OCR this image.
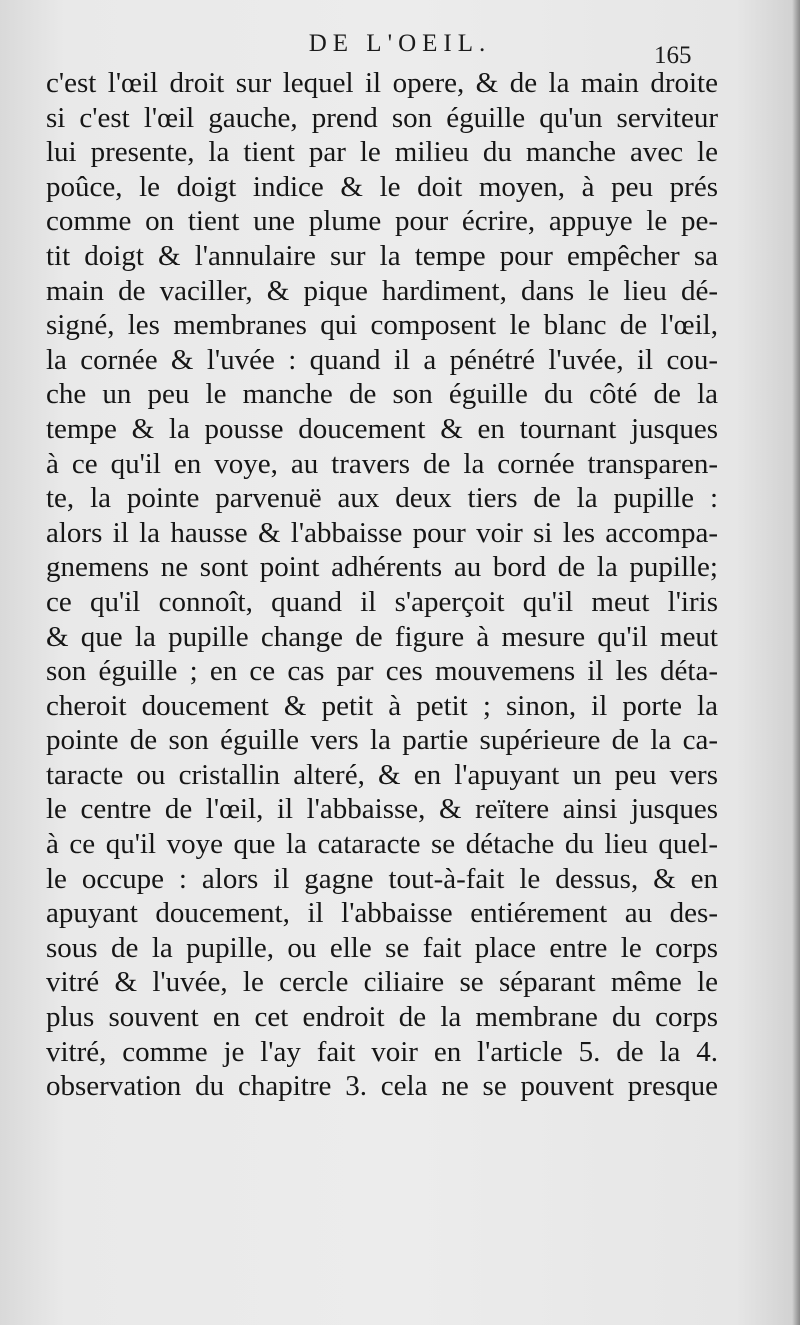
DE L'OEIL.	165
c'est l'œil droit sur lequel il opere, & de la main droite
si c'est l'œil gauche, prend son éguille qu'un serviteur
lui presente, la tient par le milieu du manche avec le
poûce, le doigt indice & le doit moyen, à peu prés
comme on tient une plume pour écrire, appuye le pe-
tit doigt & l'annulaire sur la tempe pour empêcher sa
main de vaciller, & pique hardiment, dans le lieu dé-
signé, les membranes qui composent le blanc de l'œil,
la cornée & l'uvée : quand il a pénétré l'uvée, il cou-
che un peu le manche de son éguille du côté de la
tempe & la pousse doucement & en tournant jusques
à ce qu'il en voye, au travers de la cornée transparen-
te, la pointe parvenuë aux deux tiers de la pupille :
alors il la hausse & l'abbaisse pour voir si les accompa-
gnemens ne sont point adhérents au bord de la pupille;
ce qu'il connoît, quand il s'aperçoit qu'il meut l'iris
& que la pupille change de figure à mesure qu'il meut
son éguille ; en ce cas par ces mouvemens il les déta-
cheroit doucement & petit à petit ; sinon, il porte la
pointe de son éguille vers la partie supérieure de la ca-
taracte ou cristallin alteré, & en l'apuyant un peu vers
le centre de l'œil, il l'abbaisse, & reïtere ainsi jusques
à ce qu'il voye que la cataracte se détache du lieu quel-
le occupe : alors il gagne tout-à-fait le dessus, & en
apuyant doucement, il l'abbaisse entiérement au des-
sous de la pupille, ou elle se fait place entre le corps
vitré & l'uvée, le cercle ciliaire se séparant même le
plus souvent en cet endroit de la membrane du corps
vitré, comme je l'ay fait voir en l'article 5. de la 4.
observation du chapitre 3. cela ne se pouvent presque
